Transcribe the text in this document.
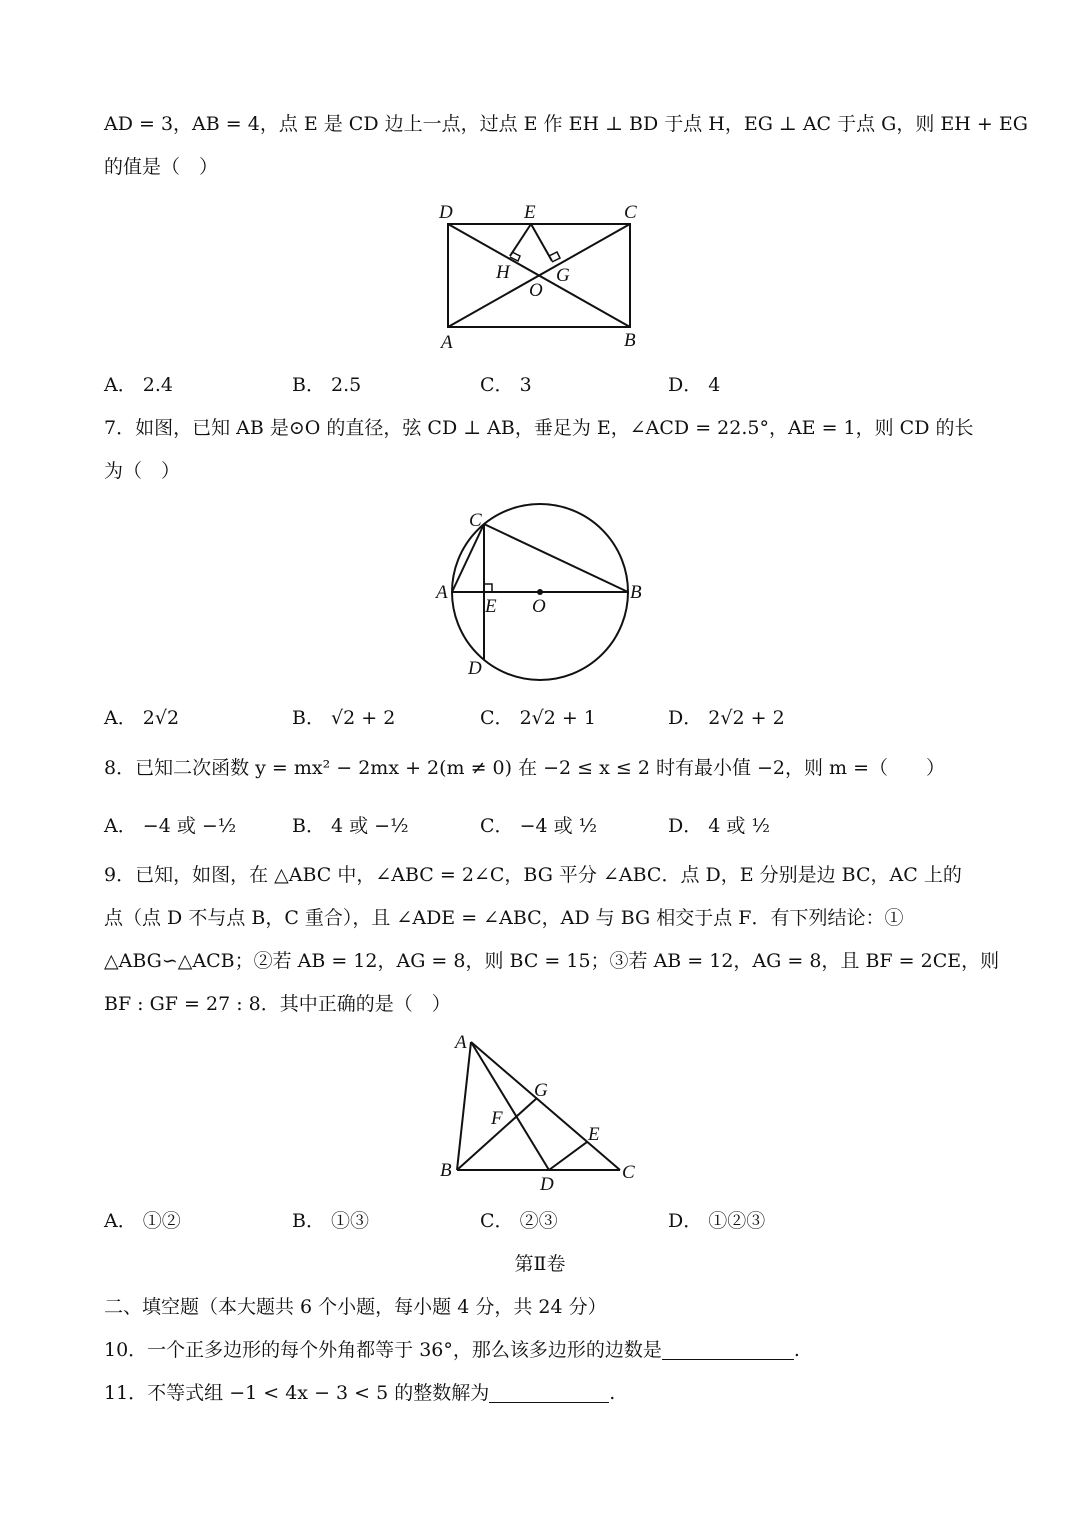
AD = 3，AB = 4，点 E 是 CD 边上一点，过点 E 作 EH ⊥ BD 于点 H，EG ⊥ AC 于点 G，则 EH + EG
的值是（　）
D	E	C
H G
O
A	B
A． 2.4	B． 2.5	C． 3	D． 4
7．如图，已知 AB 是⊙O 的直径，弦 CD ⊥ AB，垂足为 E，∠ACD = 22.5°，AE = 1，则 CD 的长
为（　）
C
A
E O
B
D
A． 2√2	B． √2 + 2	C． 2√2 + 1	D． 2√2 + 2
8．已知二次函数 y = mx² − 2mx + 2(m ≠ 0) 在 −2 ≤ x ≤ 2 时有最小值 −2，则 m =（　　）
A． −4 或 −½	B． 4 或 −½	C． −4 或 ½	D． 4 或 ½
9．已知，如图，在 △ABC 中，∠ABC = 2∠C，BG 平分 ∠ABC．点 D，E 分别是边 BC，AC 上的
点（点 D 不与点 B，C 重合），且 ∠ADE = ∠ABC，AD 与 BG 相交于点 F．有下列结论：①
△ABG∽△ACB；②若 AB = 12，AG = 8，则 BC = 15；③若 AB = 12，AG = 8，且 BF = 2CE，则
BF : GF = 27 : 8．其中正确的是（　）
A
G
F
E
B
D
C
A． ①②	B． ①③	C． ②③	D． ①②③
第Ⅱ卷
二、填空题（本大题共 6 个小题，每小题 4 分，共 24 分）
10．一个正多边形的每个外角都等于 36°，那么该多边形的边数是	.
11．不等式组 −1 < 4x − 3 < 5 的整数解为	.
